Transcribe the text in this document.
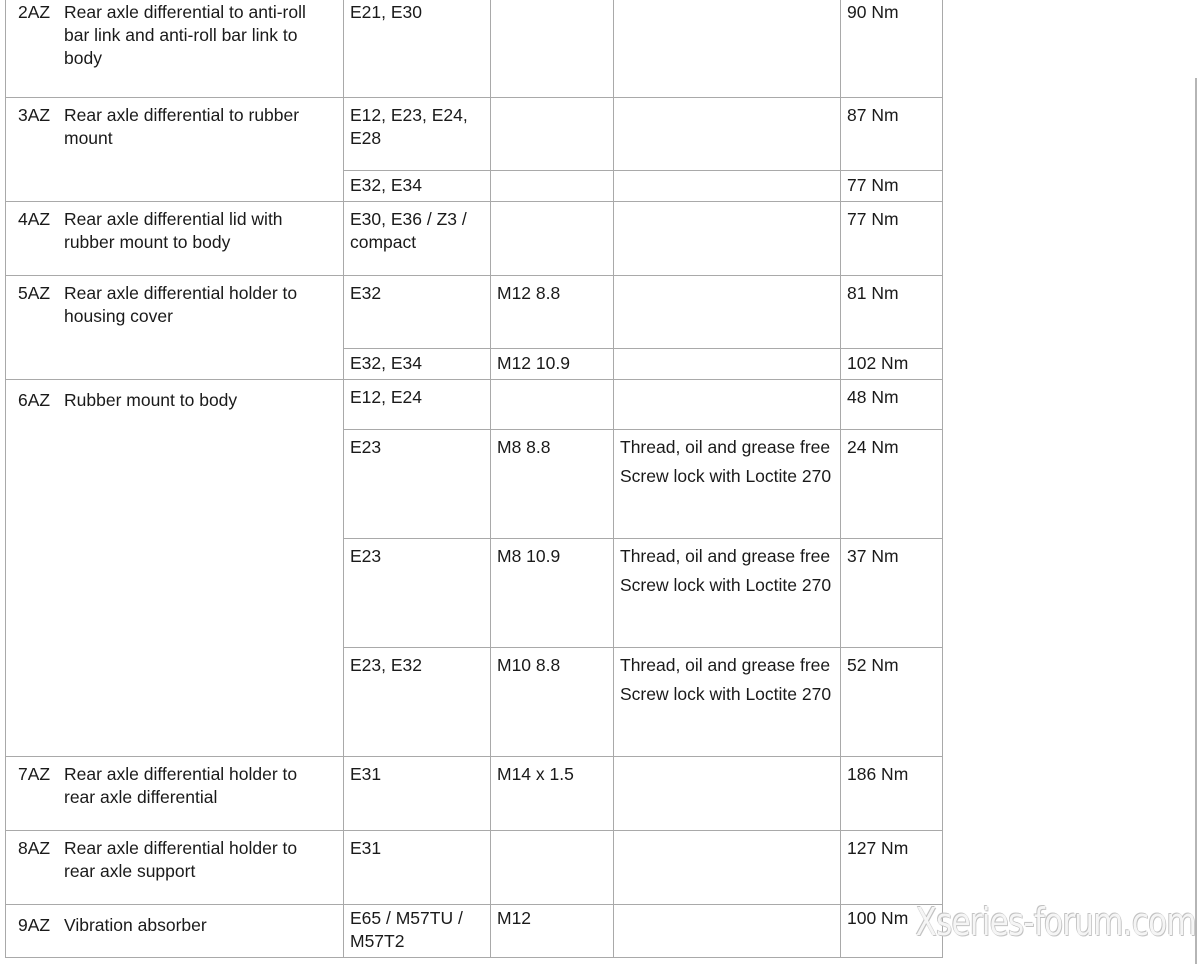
2AZ Rear axle differential to anti-roll bar link and anti-roll bar link to body	E21, E30			90 Nm
3AZ Rear axle differential to rubber mount	E12, E23, E24, E28			87 Nm
	E32, E34			77 Nm
4AZ Rear axle differential lid with rubber mount to body	E30, E36 / Z3 / compact			77 Nm
5AZ Rear axle differential holder to housing cover	E32	M12 8.8		81 Nm
	E32, E34	M12 10.9		102 Nm
6AZ Rubber mount to body	E12, E24			48 Nm
	E23	M8 8.8	Thread, oil and grease free
Screw lock with Loctite 270	24 Nm
	E23	M8 10.9	Thread, oil and grease free
Screw lock with Loctite 270	37 Nm
	E23, E32	M10 8.8	Thread, oil and grease free
Screw lock with Loctite 270	52 Nm
7AZ Rear axle differential holder to rear axle differential	E31	M14 x 1.5		186 Nm
8AZ Rear axle differential holder to rear axle support	E31			127 Nm
9AZ Vibration absorber	E65 / M57TU / M57T2	M12		100 Nm Xseries-forum.com
